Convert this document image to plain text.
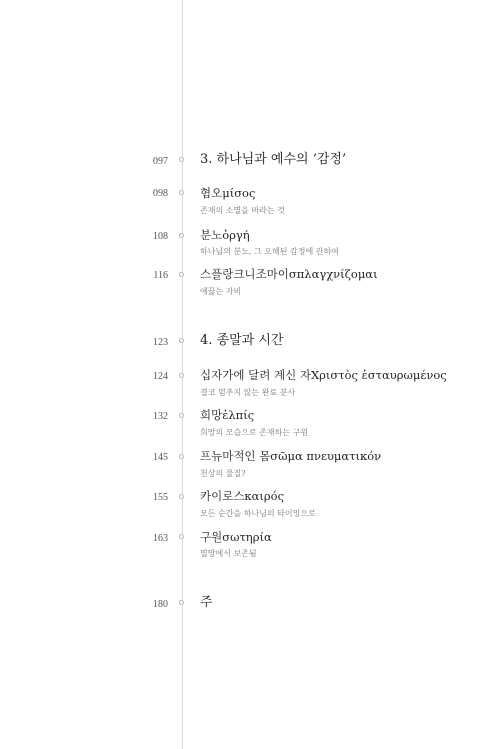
097 3. 하나님과 예수의 ‘감정’
098	혐오μίσος
존재의 소멸을 바라는 것
108	분노ὀργή
하나님의 분노, 그 오해된 감정에 관하여
116	스플랑크니조마이σπλαγχνίζομαι
애끓는 자비
123 4. 종말과 시간
124	십자가에 달려 계신 자Χριστὸς ἐσταυρωμένος
결코 멈추지 않는 완료 분사
132	희망ἐλπίς
희망의 모습으로 존재하는 구원
145	프뉴마적인 몸σῶμα πνευματικόν
천상의 물질?
155	카이로스καιρός
모든 순간을 하나님의 타이밍으로
163	구원σωτηρία
멸망에서 보존됨
180 주
